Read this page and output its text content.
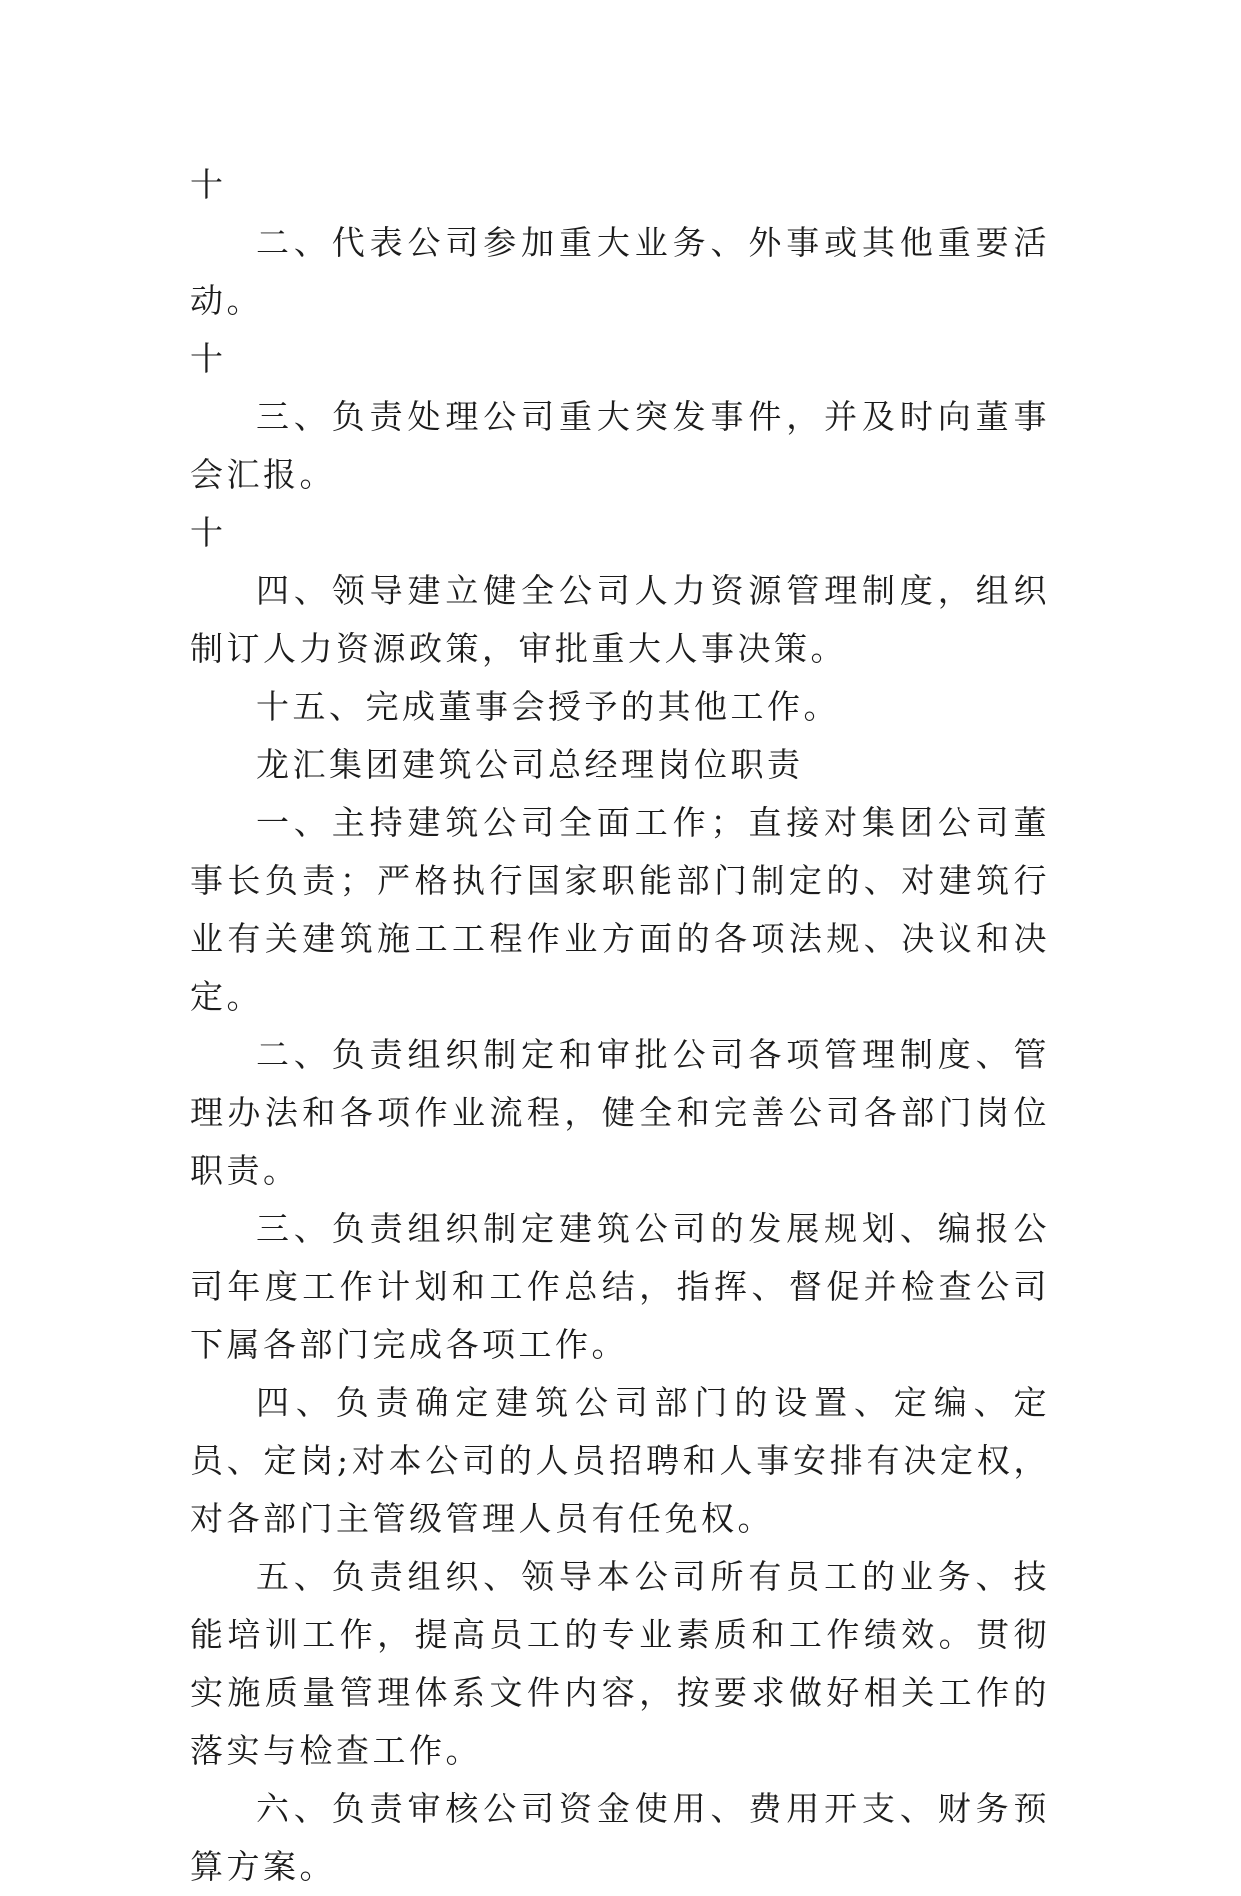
十

二、代表公司参加重大业务、外事或其他重要活动。

十

三、负责处理公司重大突发事件，并及时向董事会汇报。

十

四、领导建立健全公司人力资源管理制度，组织制订人力资源政策，审批重大人事决策。

十五、完成董事会授予的其他工作。

龙汇集团建筑公司总经理岗位职责

一、主持建筑公司全面工作；直接对集团公司董事长负责；严格执行国家职能部门制定的、对建筑行业有关建筑施工工程作业方面的各项法规、决议和决定。

二、负责组织制定和审批公司各项管理制度、管理办法和各项作业流程，健全和完善公司各部门岗位职责。

三、负责组织制定建筑公司的发展规划、编报公司年度工作计划和工作总结，指挥、督促并检查公司下属各部门完成各项工作。

四、负责确定建筑公司部门的设置、定编、定员、定岗;对本公司的人员招聘和人事安排有决定权，对各部门主管级管理人员有任免权。

五、负责组织、领导本公司所有员工的业务、技能培训工作，提高员工的专业素质和工作绩效。贯彻实施质量管理体系文件内容，按要求做好相关工作的落实与检查工作。

六、负责审核公司资金使用、费用开支、财务预算方案。
